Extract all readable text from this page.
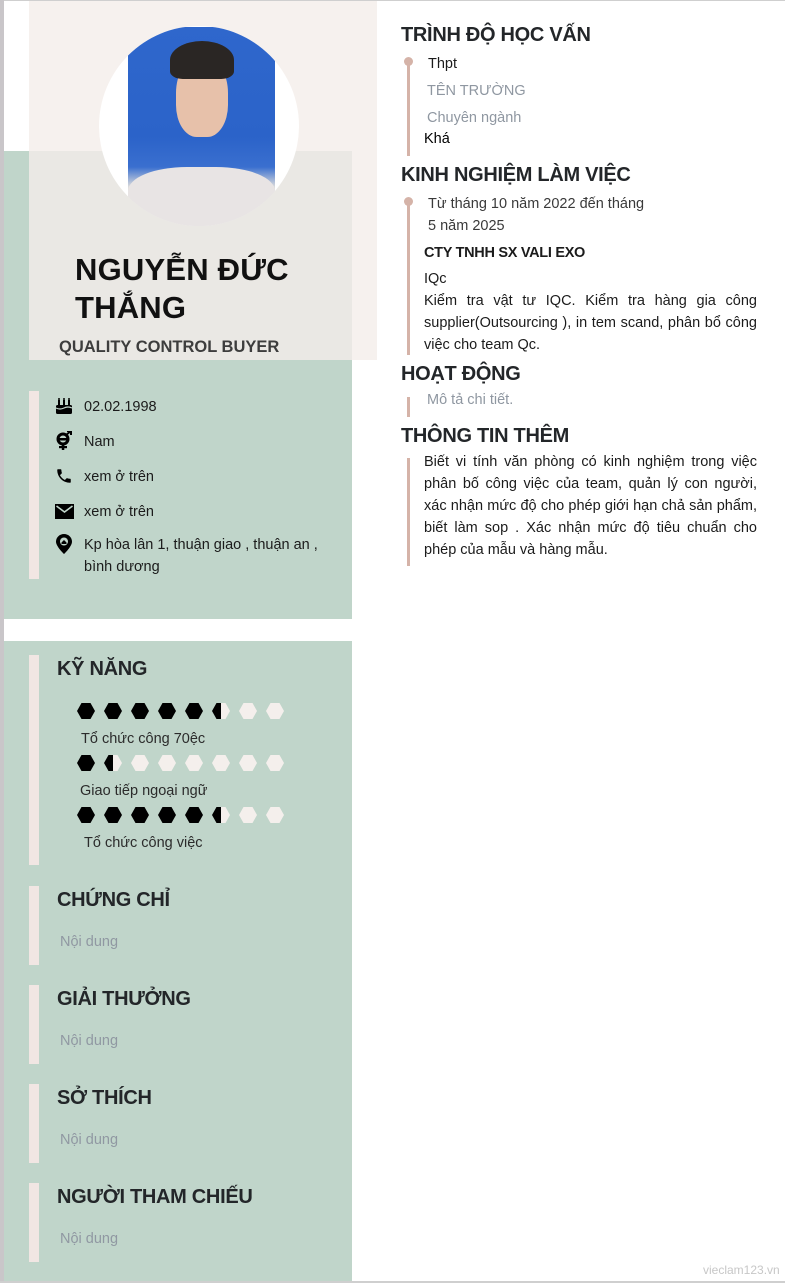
NGUYỄN ĐỨC THẮNG
QUALITY CONTROL BUYER
02.02.1998
Nam
xem ở trên
xem ở trên
Kp hòa lân 1, thuận giao , thuận an , bình dương
KỸ NĂNG
Tổ chức công 70ệc
Giao tiếp ngoại ngữ
Tổ chức công việc
CHỨNG CHỈ
Nội dung
GIẢI THƯỞNG
Nội dung
SỞ THÍCH
Nội dung
NGƯỜI THAM CHIẾU
Nội dung
TRÌNH ĐỘ HỌC VẤN
Thpt
TÊN TRƯỜNG
Chuyên ngành
Khá
KINH NGHIỆM LÀM VIỆC
Từ tháng 10 năm 2022 đến tháng
5 năm 2025
CTY TNHH SX VALI EXO
IQc
Kiểm tra vật tư IQC. Kiểm tra hàng gia công supplier(Outsourcing ), in tem scand, phân bổ công việc cho team Qc.
HOẠT ĐỘNG
Mô tả chi tiết.
THÔNG TIN THÊM
Biết vi tính văn phòng có kinh nghiệm trong việc phân bố công việc của team, quản lý con người, xác nhận mức độ cho phép giới hạn chả sản phẩm, biết làm sop . Xác nhận mức độ tiêu chuẩn cho phép của mẫu và hàng mẫu.
vieclam123.vn
